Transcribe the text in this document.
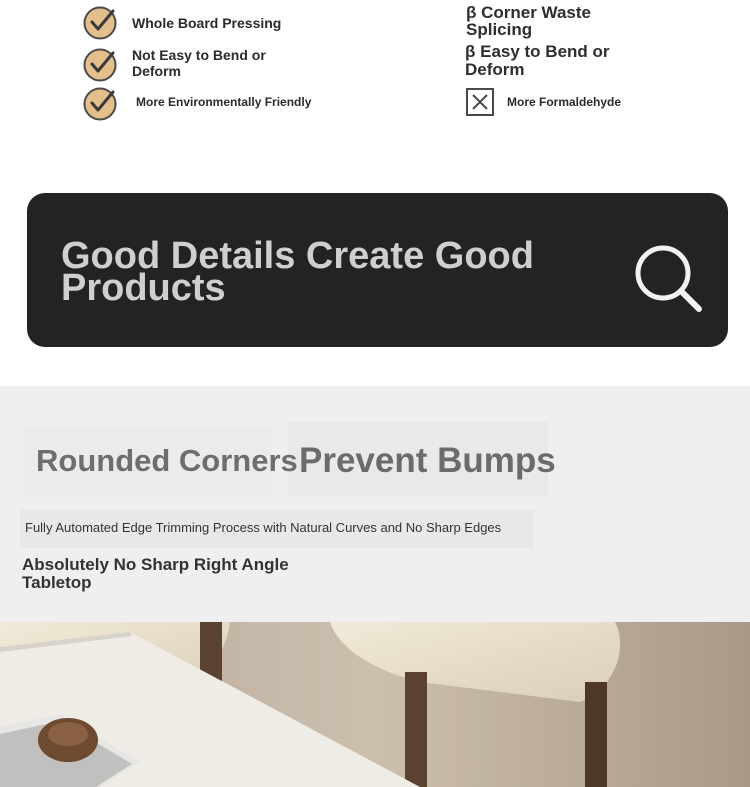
Whole Board Pressing
Not Easy to Bend or Deform
More Environmentally Friendly
β Corner Waste Splicing
β Easy to Bend or Deform
More Formaldehyde
Good Details Create Good Products
Rounded Corners Prevent Bumps
Fully Automated Edge Trimming Process with Natural Curves and No Sharp Edges
Absolutely No Sharp Right Angle Tabletop
